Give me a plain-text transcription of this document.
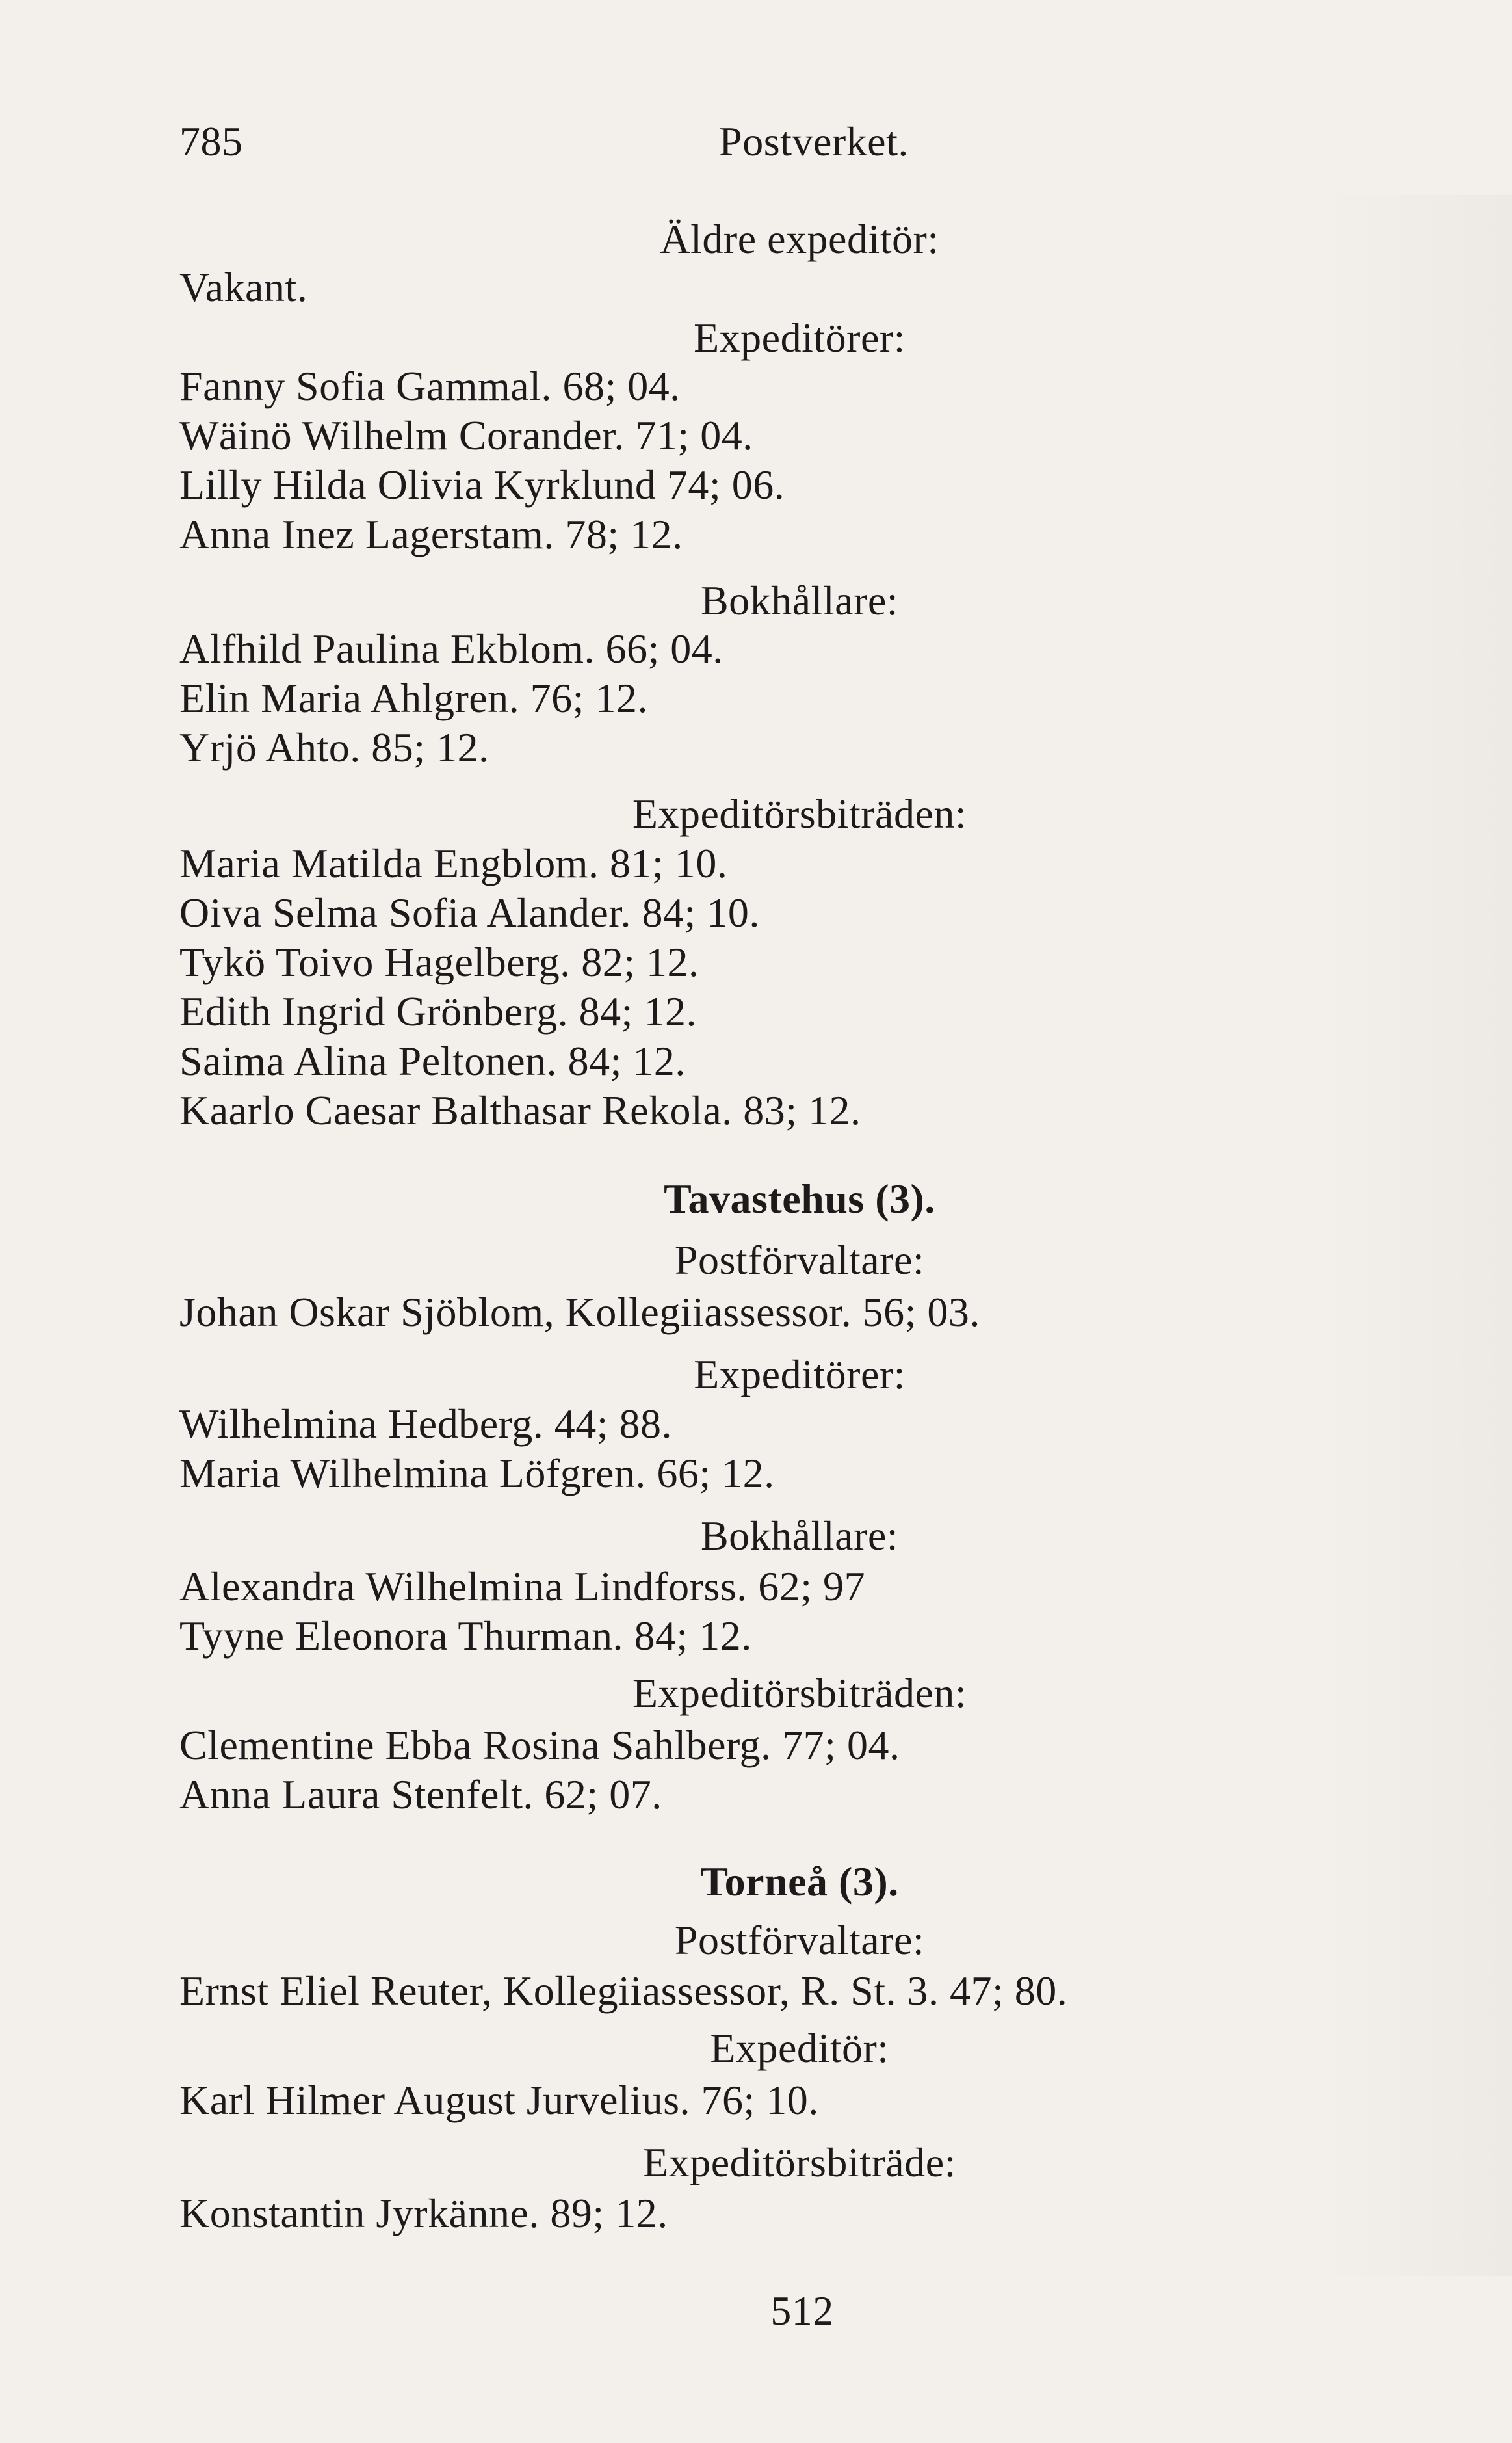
785	Postverket.
Äldre expeditör:
Vakant.
Expeditörer:
Fanny Sofia Gammal. 68; 04.
Wäinö Wilhelm Corander. 71; 04.
Lilly Hilda Olivia Kyrklund 74; 06.
Anna Inez Lagerstam. 78; 12.
Bokhållare:
Alfhild Paulina Ekblom. 66; 04.
Elin Maria Ahlgren. 76; 12.
Yrjö Ahto. 85; 12.
Expeditörsbiträden:
Maria Matilda Engblom. 81; 10.
Oiva Selma Sofia Alander. 84; 10.
Tykö Toivo Hagelberg. 82; 12.
Edith Ingrid Grönberg. 84; 12.
Saima Alina Peltonen. 84; 12.
Kaarlo Caesar Balthasar Rekola. 83; 12.
Tavastehus (3).
Postförvaltare:
Johan Oskar Sjöblom, Kollegiiassessor. 56; 03.
Expeditörer:
Wilhelmina Hedberg. 44; 88.
Maria Wilhelmina Löfgren. 66; 12.
Bokhållare:
Alexandra Wilhelmina Lindforss. 62; 97
Tyyne Eleonora Thurman. 84; 12.
Expeditörsbiträden:
Clementine Ebba Rosina Sahlberg. 77; 04.
Anna Laura Stenfelt. 62; 07.
Torneå (3).
Postförvaltare:
Ernst Eliel Reuter, Kollegiiassessor, R. St. 3. 47; 80.
Expeditör:
Karl Hilmer August Jurvelius. 76; 10.
Expeditörsbiträde:
Konstantin Jyrkänne. 89; 12.
512
